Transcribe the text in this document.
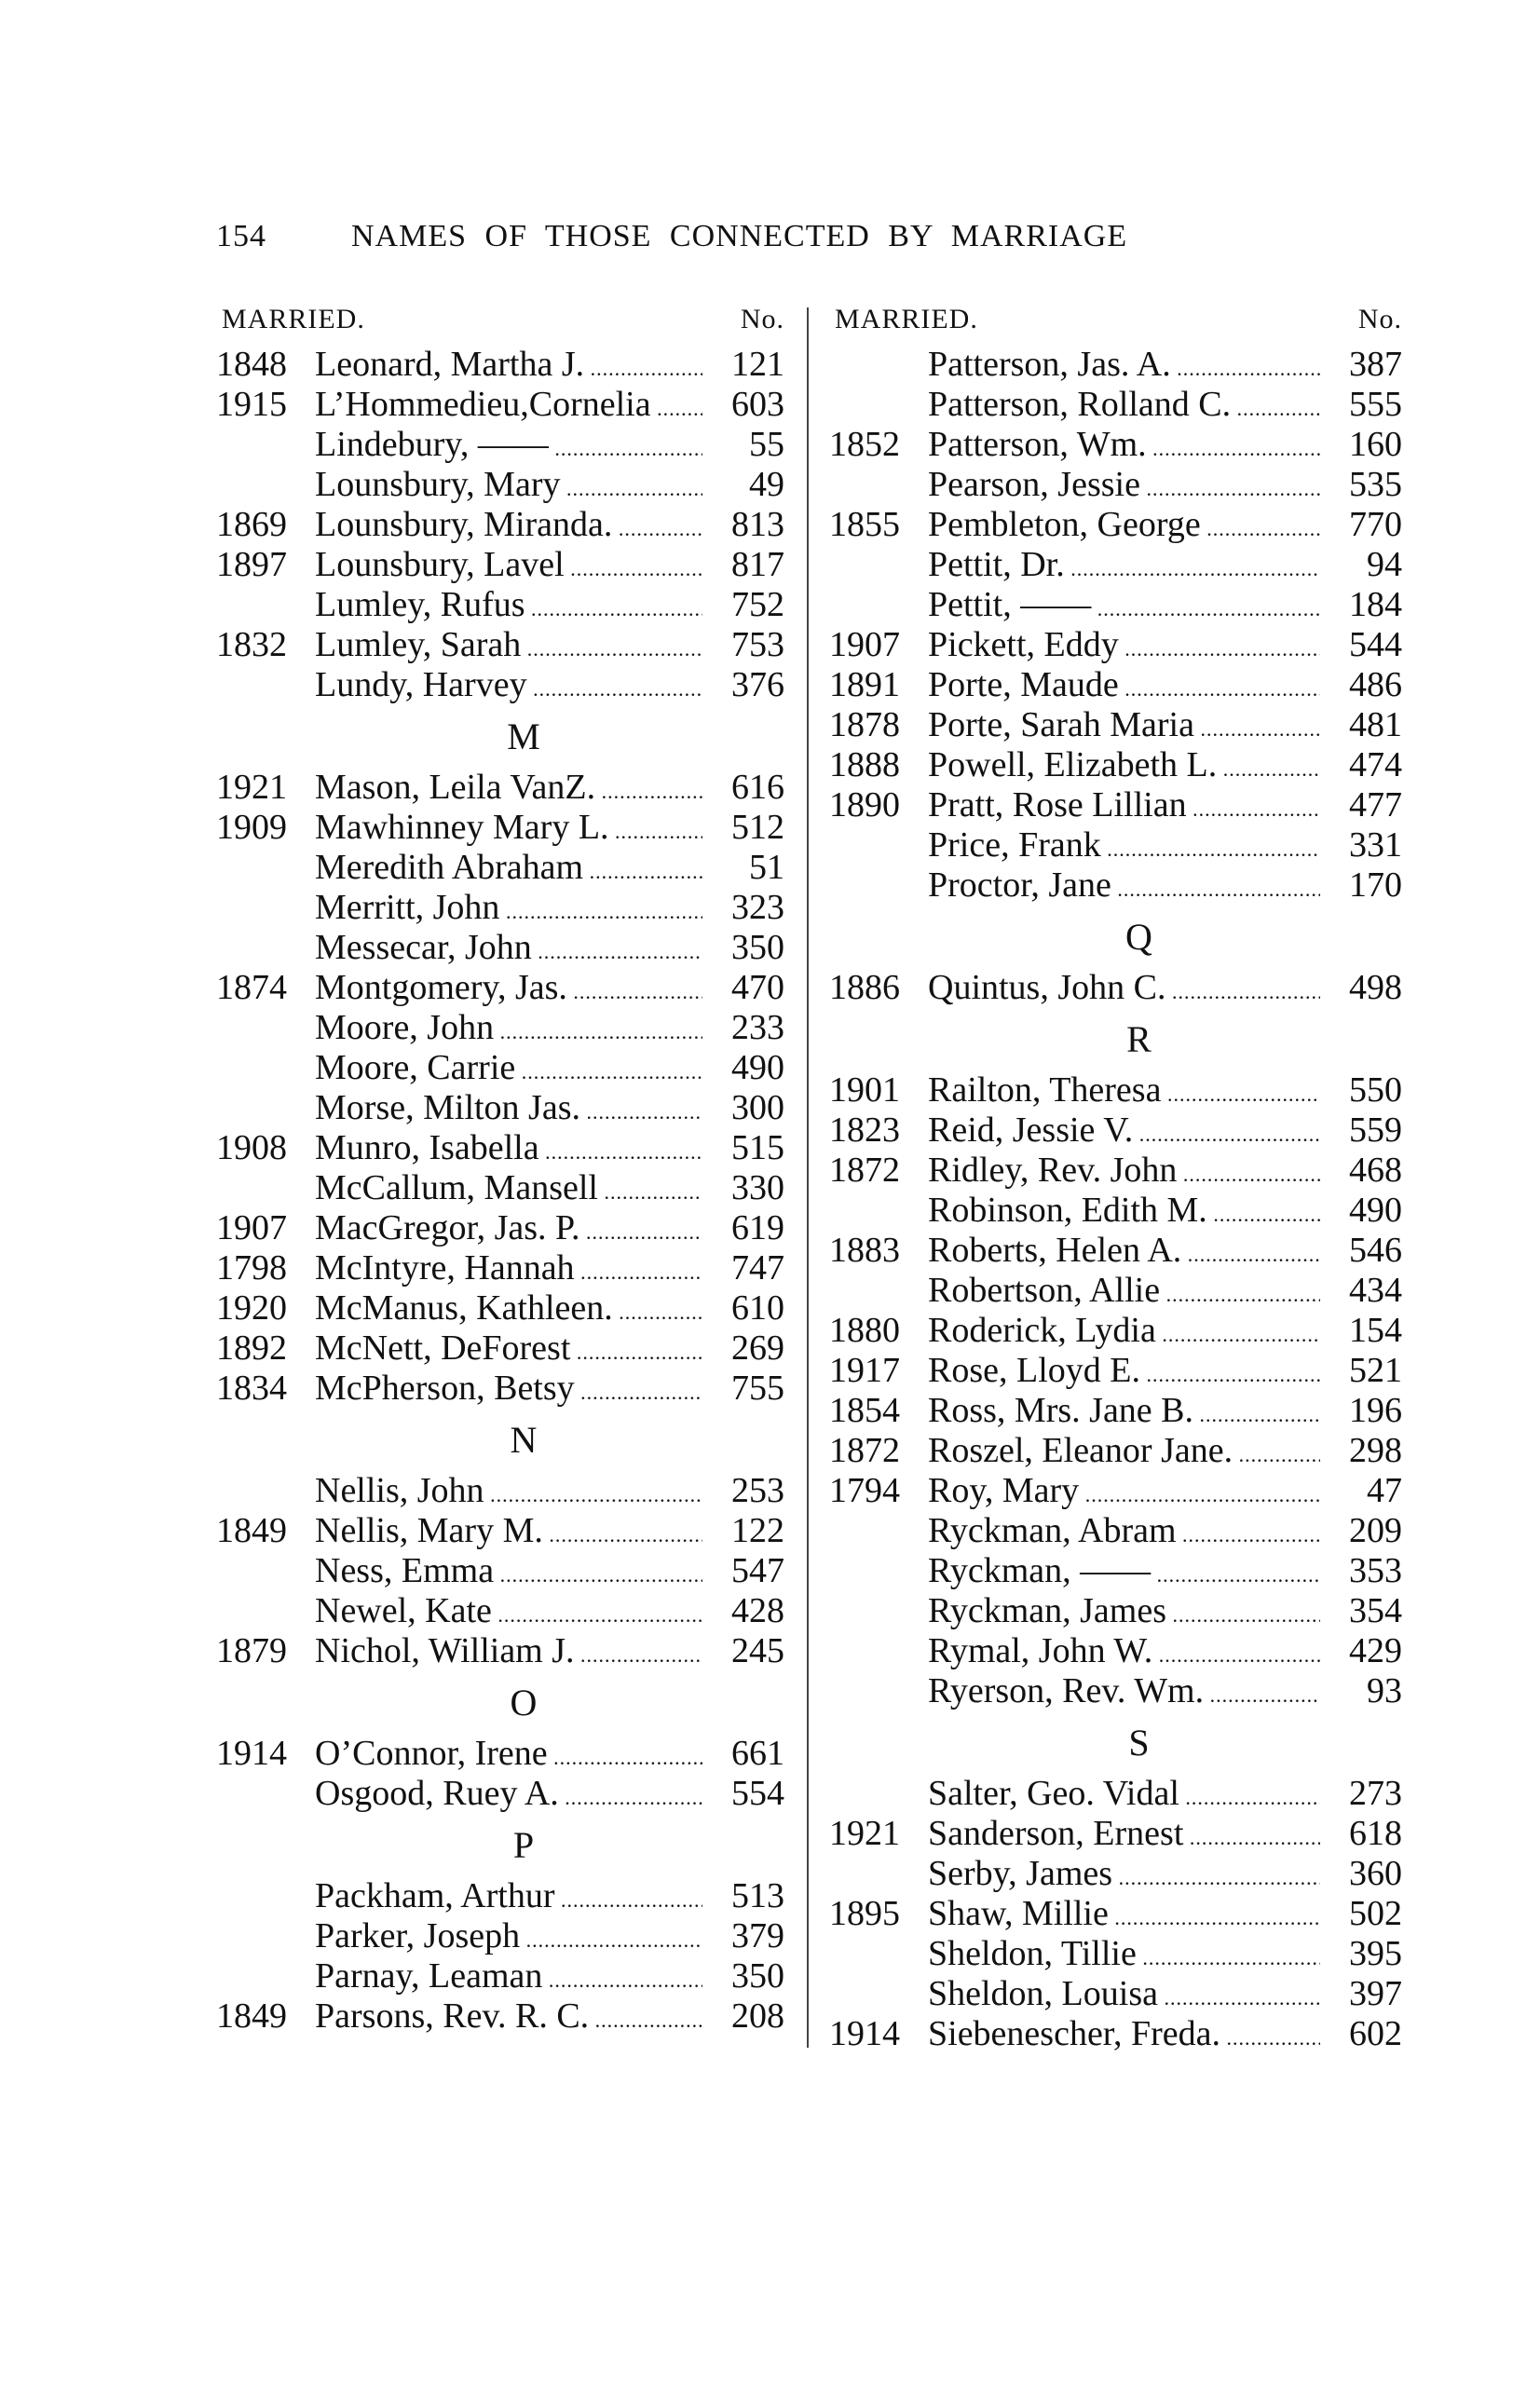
154	NAMES OF THOSE CONNECTED BY MARRIAGE
MARRIED.	No.
1848 Leonard, Martha J. .....	121
1915 L’Hommedieu,Cornelia .....	603
Lindebury, —— .....	55
Lounsbury, Mary .....	49
1869 Lounsbury, Miranda. .....	813
1897 Lounsbury, Lavel .....	817
Lumley, Rufus .....	752
1832 Lumley, Sarah .....	753
Lundy, Harvey .....	376
M
1921 Mason, Leila VanZ. .....	616
1909 Mawhinney Mary L. .....	512
Meredith Abraham .....	51
Merritt, John .....	323
Messecar, John .....	350
1874 Montgomery, Jas. .....	470
Moore, John .....	233
Moore, Carrie .....	490
Morse, Milton Jas. .....	300
1908 Munro, Isabella .....	515
McCallum, Mansell .....	330
1907 MacGregor, Jas. P. .....	619
1798 McIntyre, Hannah .....	747
1920 McManus, Kathleen. .....	610
1892 McNett, DeForest .....	269
1834 McPherson, Betsy .....	755
N
Nellis, John .....	253
1849 Nellis, Mary M. .....	122
Ness, Emma .....	547
Newel, Kate .....	428
1879 Nichol, William J. .....	245
O
1914 O’Connor, Irene .....	661
Osgood, Ruey A. .....	554
P
Packham, Arthur .....	513
Parker, Joseph .....	379
Parnay, Leaman .....	350
1849 Parsons, Rev. R. C. .....	208
MARRIED.	No.
Patterson, Jas. A. .....	387
Patterson, Rolland C. .....	555
1852 Patterson, Wm. .....	160
Pearson, Jessie .....	535
1855 Pembleton, George .....	770
Pettit, Dr. .....	94
Pettit, —— .....	184
1907 Pickett, Eddy .....	544
1891 Porte, Maude .....	486
1878 Porte, Sarah Maria .....	481
1888 Powell, Elizabeth L. .....	474
1890 Pratt, Rose Lillian .....	477
Price, Frank .....	331
Proctor, Jane .....	170
Q
1886 Quintus, John C. .....	498
R
1901 Railton, Theresa .....	550
1823 Reid, Jessie V. .....	559
1872 Ridley, Rev. John .....	468
Robinson, Edith M. .....	490
1883 Roberts, Helen A. .....	546
Robertson, Allie .....	434
1880 Roderick, Lydia .....	154
1917 Rose, Lloyd E. .....	521
1854 Ross, Mrs. Jane B. .....	196
1872 Roszel, Eleanor Jane. .....	298
1794 Roy, Mary .....	47
Ryckman, Abram .....	209
Ryckman, —— .....	353
Ryckman, James .....	354
Rymal, John W. .....	429
Ryerson, Rev. Wm. .....	93
S
Salter, Geo. Vidal .....	273
1921 Sanderson, Ernest .....	618
Serby, James .....	360
1895 Shaw, Millie .....	502
Sheldon, Tillie .....	395
Sheldon, Louisa .....	397
1914 Siebenescher, Freda. .....	602
